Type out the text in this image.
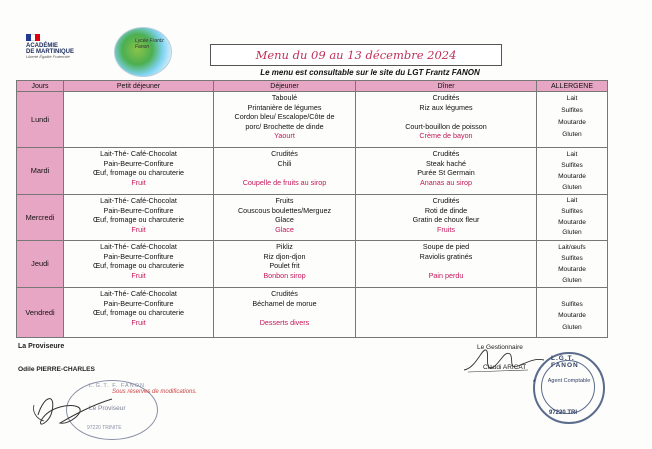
ACADÉMIE
DE MARTINIQUE
Liberté Égalité Fraternité
Lycée Frantz Fanon
Menu du 09 au 13 décembre 2024
Le menu est consultable sur le site du LGT Frantz FANON
Jours	Petit déjeuner	Déjeuner	Dîner	ALLERGENE
Lundi		Taboulé
Printanière de légumes
Cordon bleu/ Escalope/Côte de
porc/ Brochette de dinde
Yaourt	Crudités
Riz aux légumes
Court-bouillon de poisson
Crème de bayon	Lait
Sulfites
Moutarde
Gluten

Mardi	Lait-Thé- Café-Chocolat
Pain-Beurre-Confiture
Œuf, fromage ou charcuterie
Fruit	Crudités
Chili
Coupelle de fruits au sirop	Crudités
Steak haché
Purée St Germain
Ananas au sirop	Lait
Sulfites
Moutarde
Gluten

Mercredi	Lait-Thé- Café-Chocolat
Pain-Beurre-Confiture
Œuf, fromage ou charcuterie
Fruit	Fruits
Couscous boulettes/Merguez
Glace
Glace	Crudités
Roti de dinde
Gratin de choux fleur
Fruits	Lait
Sulfites
Moutarde
Gluten

Jeudi	Lait-Thé- Café-Chocolat
Pain-Beurre-Confiture
Œuf, fromage ou charcuterie
Fruit	Pikliz
Riz djon-djon
Poulet frit
Bonbon sirop	Soupe de pied
Raviolis gratinés
Pain perdu	Lait/œufs
Sulfites
Moutarde
Gluten

Vendredi	Lait-Thé- Café-Chocolat
Pain-Beurre-Confiture
Œuf, fromage ou charcuterie
Fruit	Crudités
Béchamel de morue
Desserts divers		Sulfites
Moutarde
Gluten
La Proviseure
Odile PIERRE-CHARLES
L.G.T. F. FANON
Le Proviseur
97220 TRINITE
Sous réserves de modifications.
Le Gestionnaire
Claudi ARICAT
L.G.T. FANON
Agent Comptable
*
97220 TRI
